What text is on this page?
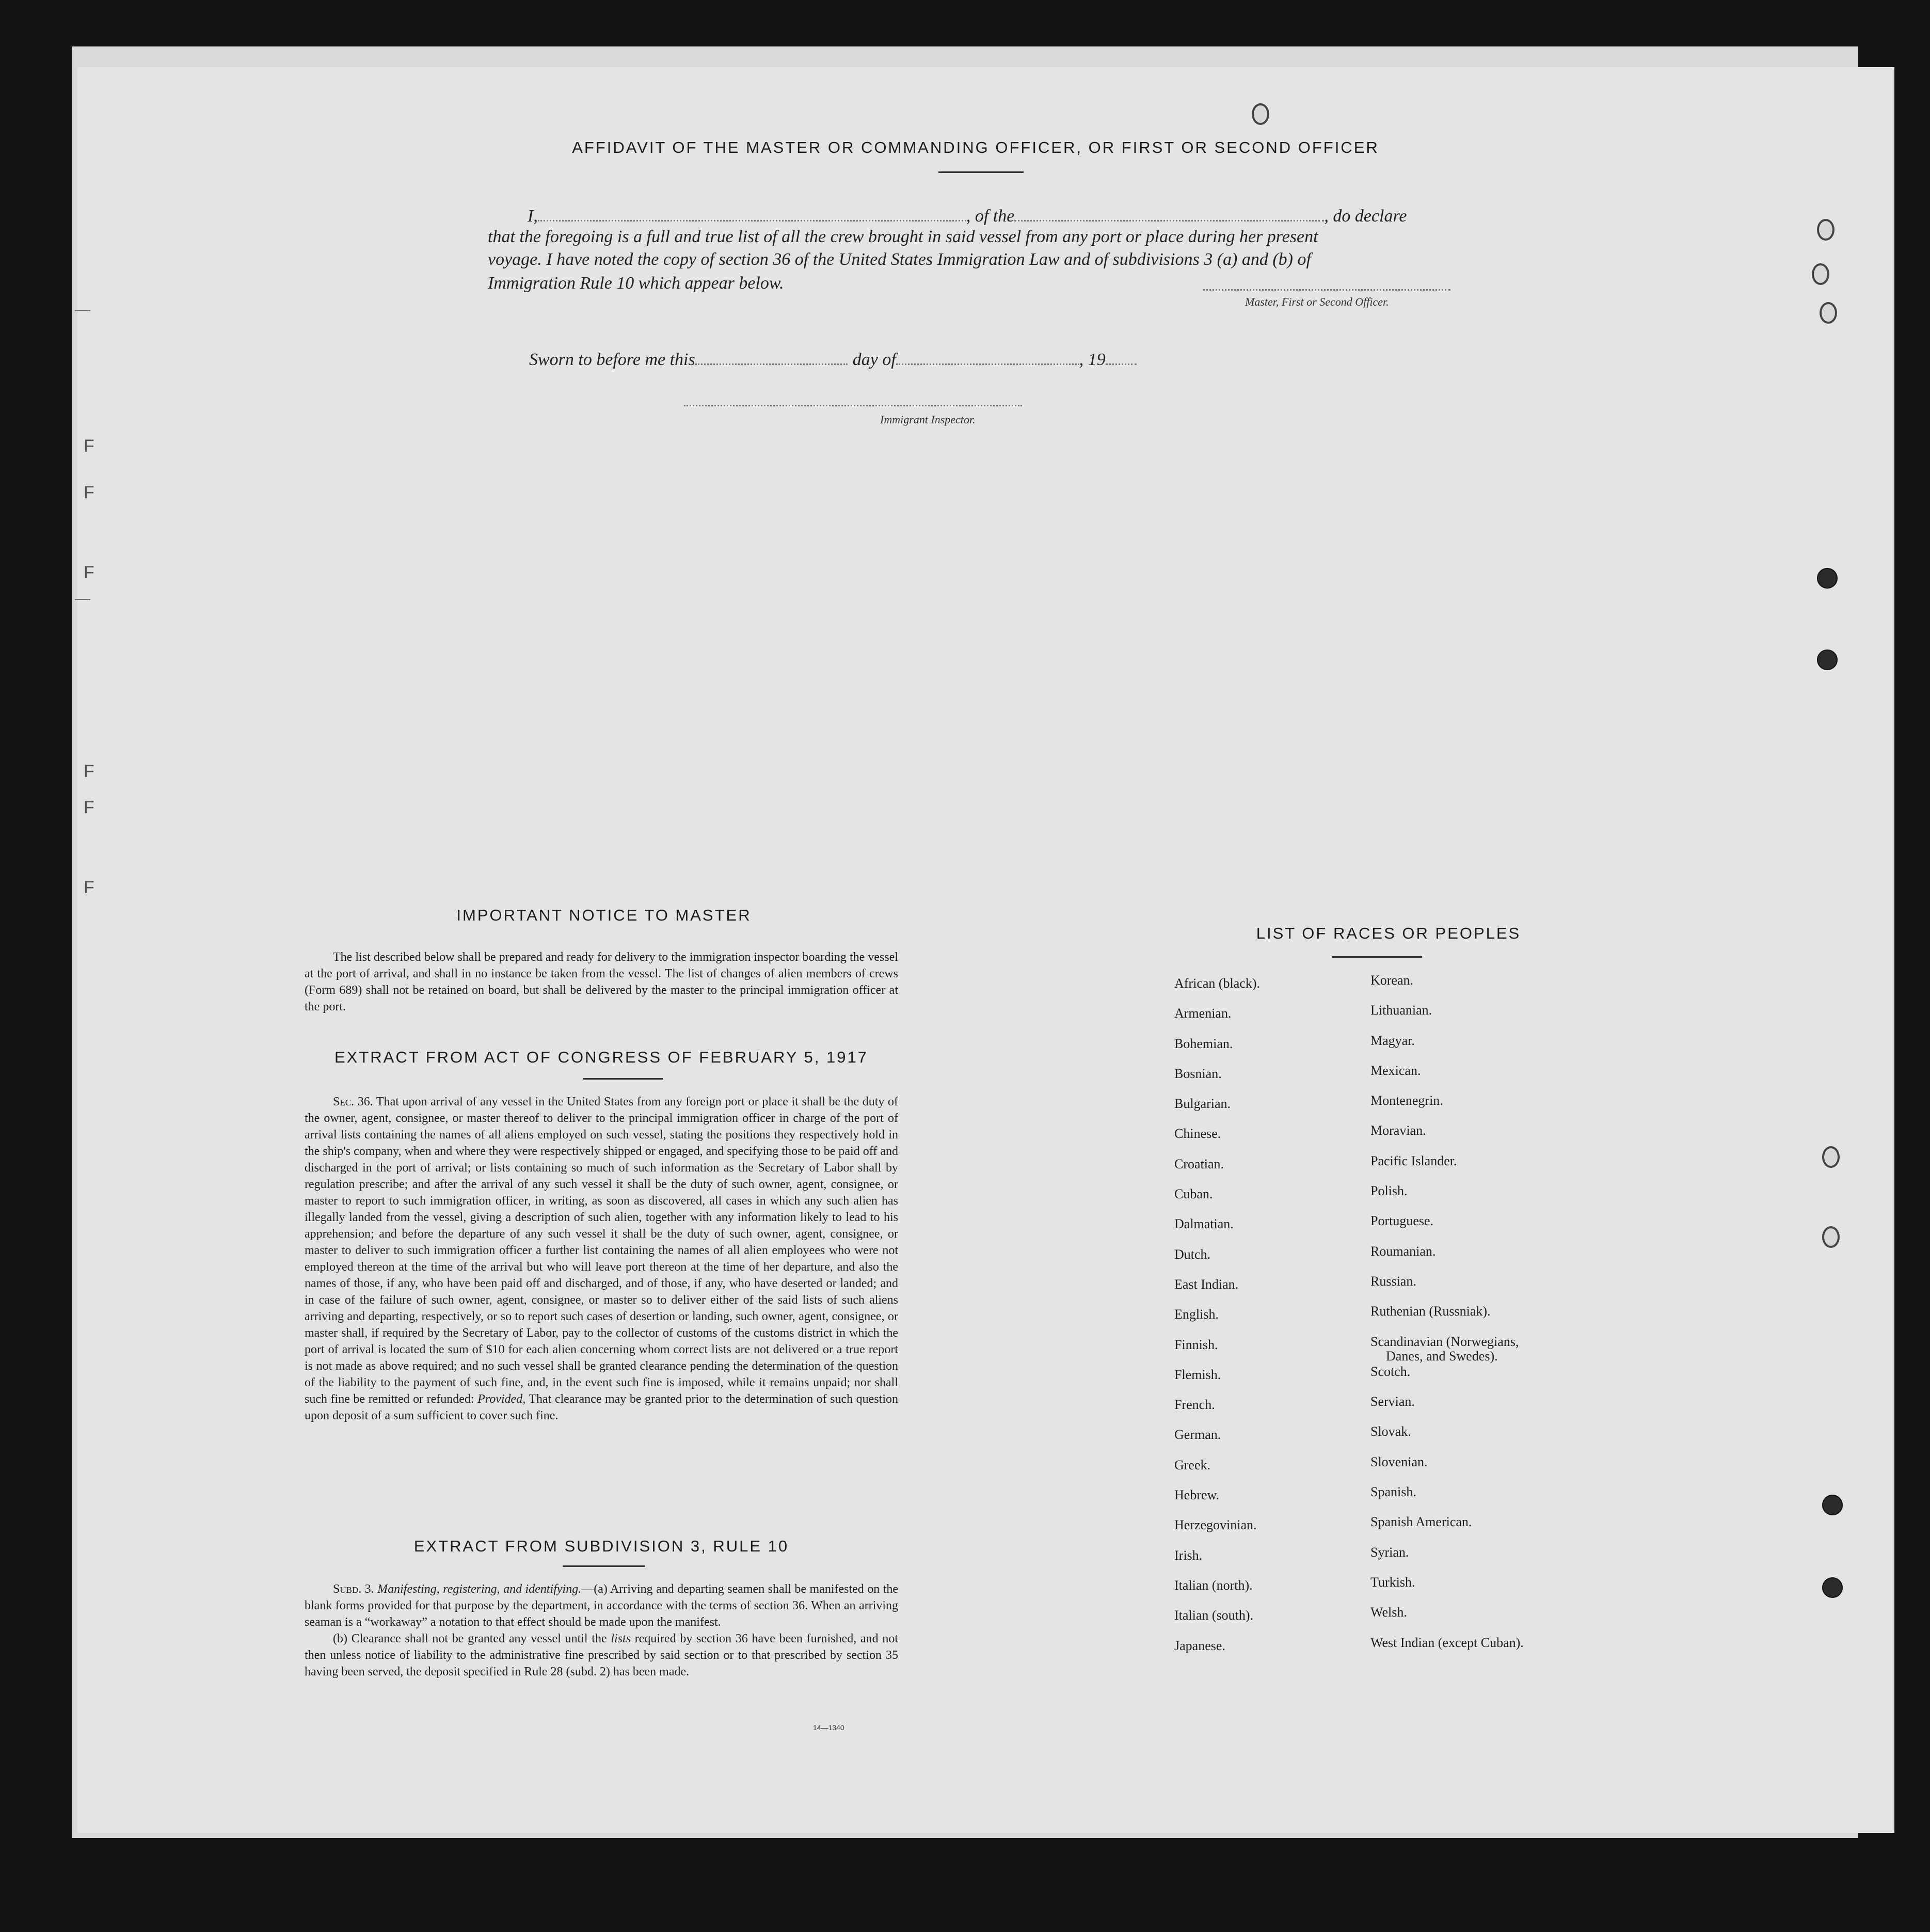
F
F
F
F
F
F
AFFIDAVIT OF THE MASTER OR COMMANDING OFFICER, OR FIRST OR SECOND OFFICER
I,	, of the	, do declare
that the foregoing is a full and true list of all the crew brought in said vessel from any port or place during her present
voyage. I have noted the copy of section 36 of the United States Immigration Law and of subdivisions 3 (a) and (b) of
Immigration Rule 10 which appear below.
Master, First or Second Officer.
Sworn to before me this	day of	, 19
Immigrant Inspector.
IMPORTANT NOTICE TO MASTER

The list described below shall be prepared and ready for delivery to the immigration inspector boarding the vessel at the port of arrival, and shall in no instance be taken from the vessel. The list of changes of alien members of crews (Form 689) shall not be retained on board, but shall be delivered by the master to the principal immigration officer at the port.

EXTRACT FROM ACT OF CONGRESS OF FEBRUARY 5, 1917

Sec. 36. That upon arrival of any vessel in the United States from any foreign port or place it shall be the duty of the owner, agent, consignee, or master thereof to deliver to the principal immigration officer in charge of the port of arrival lists containing the names of all aliens employed on such vessel, stating the positions they respectively hold in the ship's company, when and where they were respectively shipped or engaged, and specifying those to be paid off and discharged in the port of arrival; or lists containing so much of such information as the Secretary of Labor shall by regulation prescribe; and after the arrival of any such vessel it shall be the duty of such owner, agent, consignee, or master to report to such immigration officer, in writing, as soon as discovered, all cases in which any such alien has illegally landed from the vessel, giving a description of such alien, together with any information likely to lead to his apprehension; and before the departure of any such vessel it shall be the duty of such owner, agent, consignee, or master to deliver to such immigration officer a further list containing the names of all alien employees who were not employed thereon at the time of the arrival but who will leave port thereon at the time of her departure, and also the names of those, if any, who have been paid off and discharged, and of those, if any, who have deserted or landed; and in case of the failure of such owner, agent, consignee, or master so to deliver either of the said lists of such aliens arriving and departing, respectively, or so to report such cases of desertion or landing, such owner, agent, consignee, or master shall, if required by the Secretary of Labor, pay to the collector of customs of the customs district in which the port of arrival is located the sum of $10 for each alien concerning whom correct lists are not delivered or a true report is not made as above required; and no such vessel shall be granted clearance pending the determination of the question of the liability to the payment of such fine, and, in the event such fine is imposed, while it remains unpaid; nor shall such fine be remitted or refunded: Provided, That clearance may be granted prior to the determination of such question upon deposit of a sum sufficient to cover such fine.

EXTRACT FROM SUBDIVISION 3, RULE 10

Subd. 3. Manifesting, registering, and identifying.—(a) Arriving and departing seamen shall be manifested on the blank forms provided for that purpose by the department, in accordance with the terms of section 36. When an arriving seaman is a “workaway” a notation to that effect should be made upon the manifest.

(b) Clearance shall not be granted any vessel until the lists required by section 36 have been furnished, and not then unless notice of liability to the administrative fine prescribed by said section or to that prescribed by section 35 having been served, the deposit specified in Rule 28 (subd. 2) has been made.

14—1340
LIST OF RACES OR PEOPLES
African (black).
Armenian.
Bohemian.
Bosnian.
Bulgarian.
Chinese.
Croatian.
Cuban.
Dalmatian.
Dutch.
East Indian.
English.
Finnish.
Flemish.
French.
German.
Greek.
Hebrew.
Herzegovinian.
Irish.
Italian (north).
Italian (south).
Japanese.
Korean.
Lithuanian.
Magyar.
Mexican.
Montenegrin.
Moravian.
Pacific Islander.
Polish.
Portuguese.
Roumanian.
Russian.
Ruthenian (Russniak).
Scandinavian (Norwegians,
Danes, and Swedes).
Scotch.
Servian.
Slovak.
Slovenian.
Spanish.
Spanish American.
Syrian.
Turkish.
Welsh.
West Indian (except Cuban).
